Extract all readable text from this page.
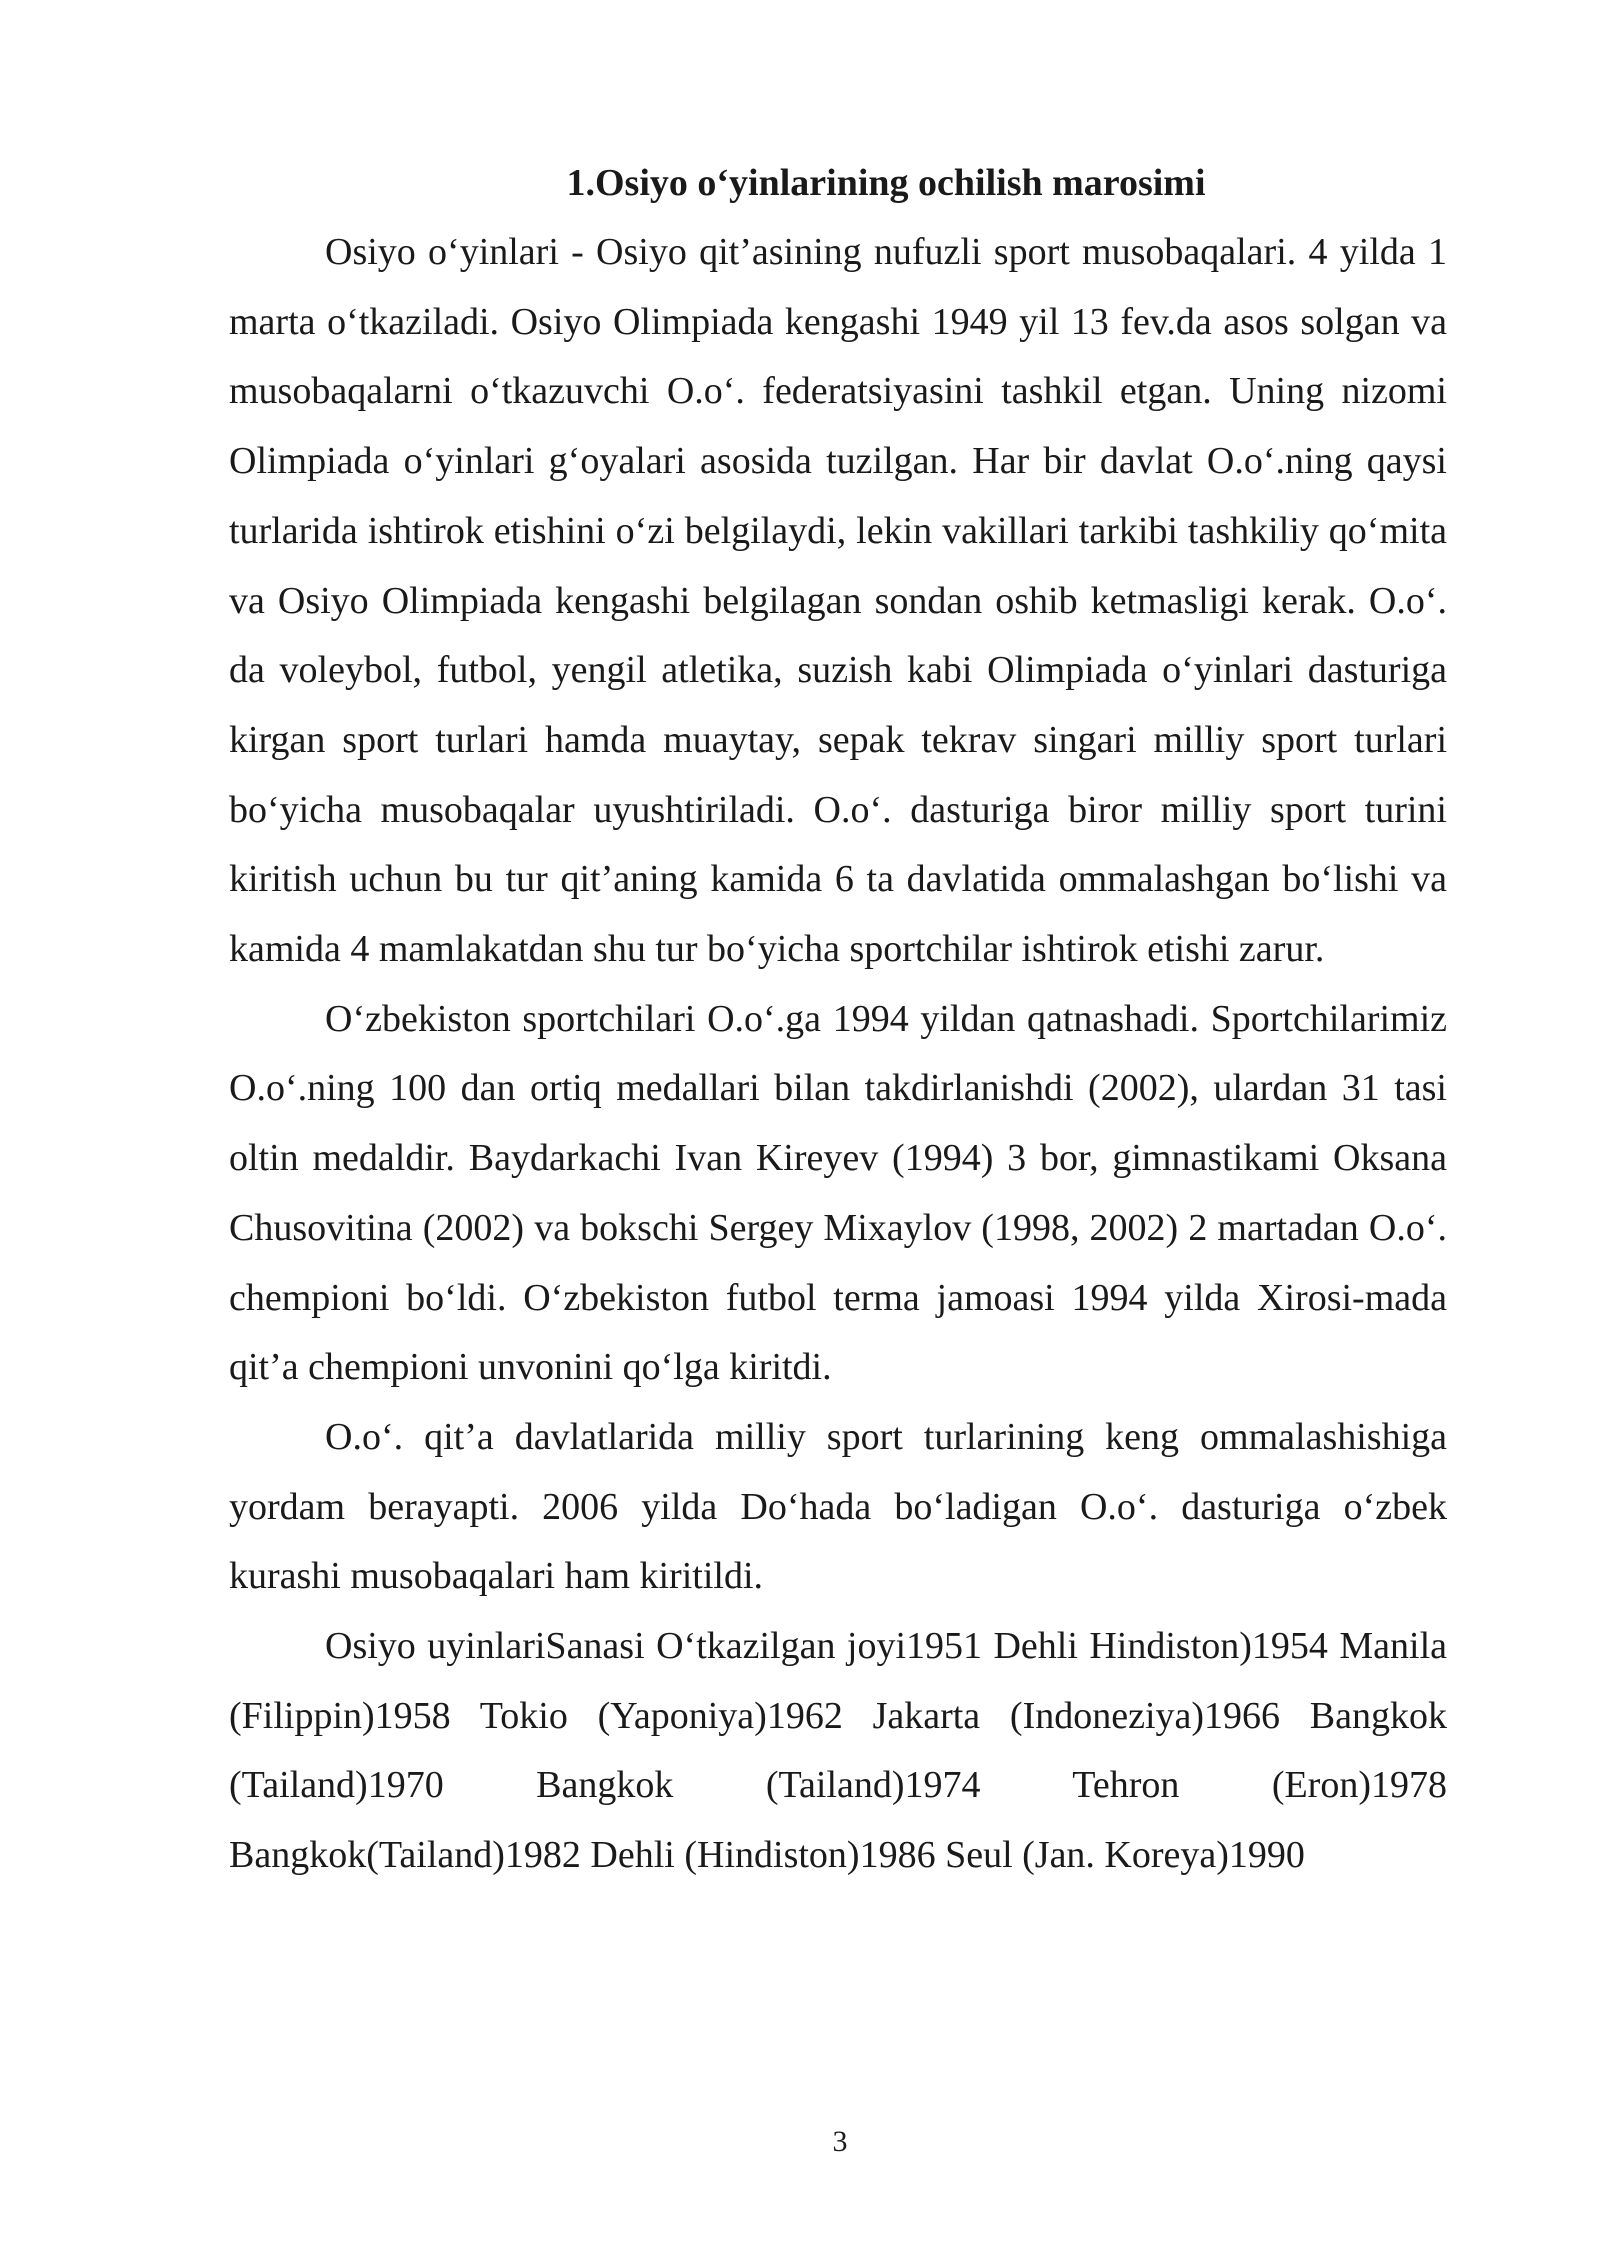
1.Osiyo o‘yinlarining ochilish marosimi

Osiyo o‘yinlari - Osiyo qit’asining nufuzli sport musobaqalari. 4 yilda 1 marta o‘tkaziladi. Osiyo Olimpiada kengashi 1949 yil 13 fev.da asos solgan va musobaqalarni o‘tkazuvchi O.o‘. federatsiyasini tashkil etgan. Uning nizomi Olimpiada o‘yinlari g‘oyalari asosida tuzilgan. Har bir davlat O.o‘.ning qaysi turlarida ishtirok etishini o‘zi belgilaydi, lekin vakillari tarkibi tashkiliy qo‘mita va Osiyo Olimpiada kengashi belgilagan sondan oshib ketmasligi kerak. O.o‘. da voleybol, futbol, yengil atletika, suzish kabi Olimpiada o‘yinlari dasturiga kirgan sport turlari hamda muaytay, sepak tekrav singari milliy sport turlari bo‘yicha musobaqalar uyushtiriladi. O.o‘. dasturiga biror milliy sport turini kiritish uchun bu tur qit’aning kamida 6 ta davlatida ommalashgan bo‘lishi va kamida 4 mamlakatdan shu tur bo‘yicha sportchilar ishtirok etishi zarur.

O‘zbekiston sportchilari O.o‘.ga 1994 yildan qatnashadi. Sportchilarimiz O.o‘.ning 100 dan ortiq medallari bilan takdirlanishdi (2002), ulardan 31 tasi oltin medaldir. Baydarkachi Ivan Kireyev (1994) 3 bor, gimnastikami Oksana Chusovitina (2002) va bokschi Sergey Mixaylov (1998, 2002) 2 martadan O.o‘. chempioni bo‘ldi. O‘zbekiston futbol terma jamoasi 1994 yilda Xirosi-mada qit’a chempioni unvonini qo‘lga kiritdi.

O.o‘. qit’a davlatlarida milliy sport turlarining keng ommalashishiga yordam berayapti. 2006 yilda Do‘hada bo‘ladigan O.o‘. dasturiga o‘zbek kurashi musobaqalari ham kiritildi.

Osiyo uyinlariSanasi O‘tkazilgan joyi1951 Dehli Hindiston)1954 Manila (Filippin)1958 Tokio (Yaponiya)1962 Jakarta (Indoneziya)1966 Bangkok (Tailand)1970 Bangkok (Tailand)1974 Tehron (Eron)1978 Bangkok(Tailand)1982 Dehli (Hindiston)1986 Seul (Jan. Koreya)1990

3
